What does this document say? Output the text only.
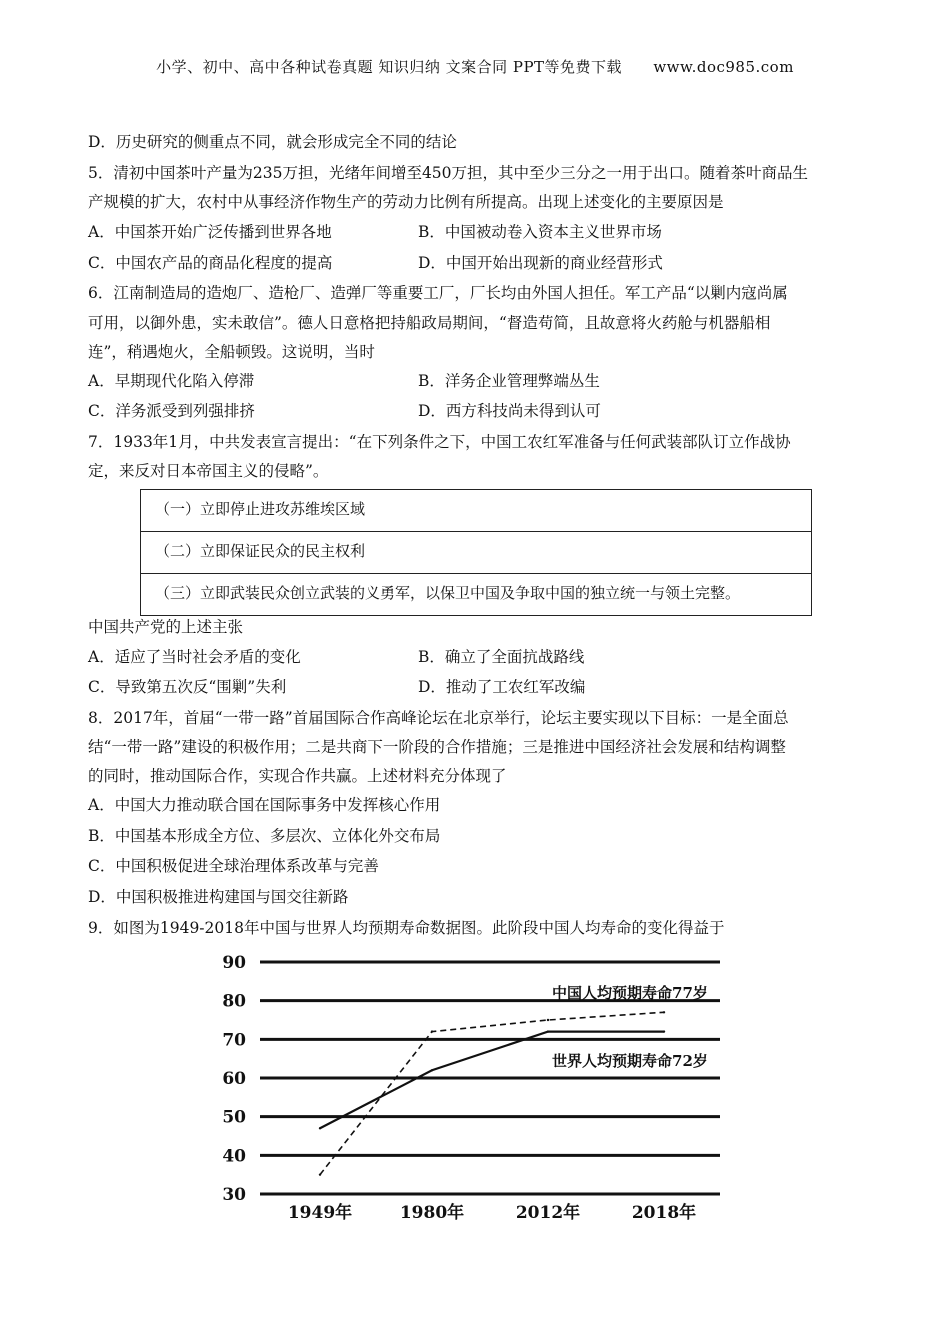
小学、初中、高中各种试卷真题 知识归纳 文案合同 PPT等免费下载 www.doc985.com
D．历史研究的侧重点不同，就会形成完全不同的结论
5．清初中国茶叶产量为235万担，光绪年间增至450万担，其中至少三分之一用于出口。随着茶叶商品生
产规模的扩大，农村中从事经济作物生产的劳动力比例有所提高。出现上述变化的主要原因是
A．中国茶开始广泛传播到世界各地	B．中国被动卷入资本主义世界市场
C．中国农产品的商品化程度的提高	D．中国开始出现新的商业经营形式
6．江南制造局的造炮厂、造枪厂、造弹厂等重要工厂，厂长均由外国人担任。军工产品“以剿内寇尚属
可用，以御外患，实未敢信”。德人日意格把持船政局期间，“督造苟简，且故意将火药舱与机器船相
连”，稍遇炮火，全船顿毁。这说明，当时
A．早期现代化陷入停滞	B．洋务企业管理弊端丛生
C．洋务派受到列强排挤	D．西方科技尚未得到认可
7．1933年1月，中共发表宣言提出：“在下列条件之下，中国工农红军准备与任何武装部队订立作战协
定，来反对日本帝国主义的侵略”。
（一）立即停止进攻苏维埃区域
（二）立即保证民众的民主权利
（三）立即武装民众创立武装的义勇军，以保卫中国及争取中国的独立统一与领土完整。
中国共产党的上述主张
A．适应了当时社会矛盾的变化	B．确立了全面抗战路线
C．导致第五次反“围剿”失利	D．推动了工农红军改编
8．2017年，首届“一带一路”首届国际合作高峰论坛在北京举行，论坛主要实现以下目标：一是全面总
结“一带一路”建设的积极作用；二是共商下一阶段的合作措施；三是推进中国经济社会发展和结构调整
的同时，推动国际合作，实现合作共赢。上述材料充分体现了
A．中国大力推动联合国在国际事务中发挥核心作用
B．中国基本形成全方位、多层次、立体化外交布局
C．中国积极促进全球治理体系改革与完善
D．中国积极推进构建国与国交往新路
9．如图为1949-2018年中国与世界人均预期寿命数据图。此阶段中国人均寿命的变化得益于
90
80
70
60
50
40
30
1949年	1980年	2012年	2018年
中国人均预期寿命77岁
世界人均预期寿命72岁
